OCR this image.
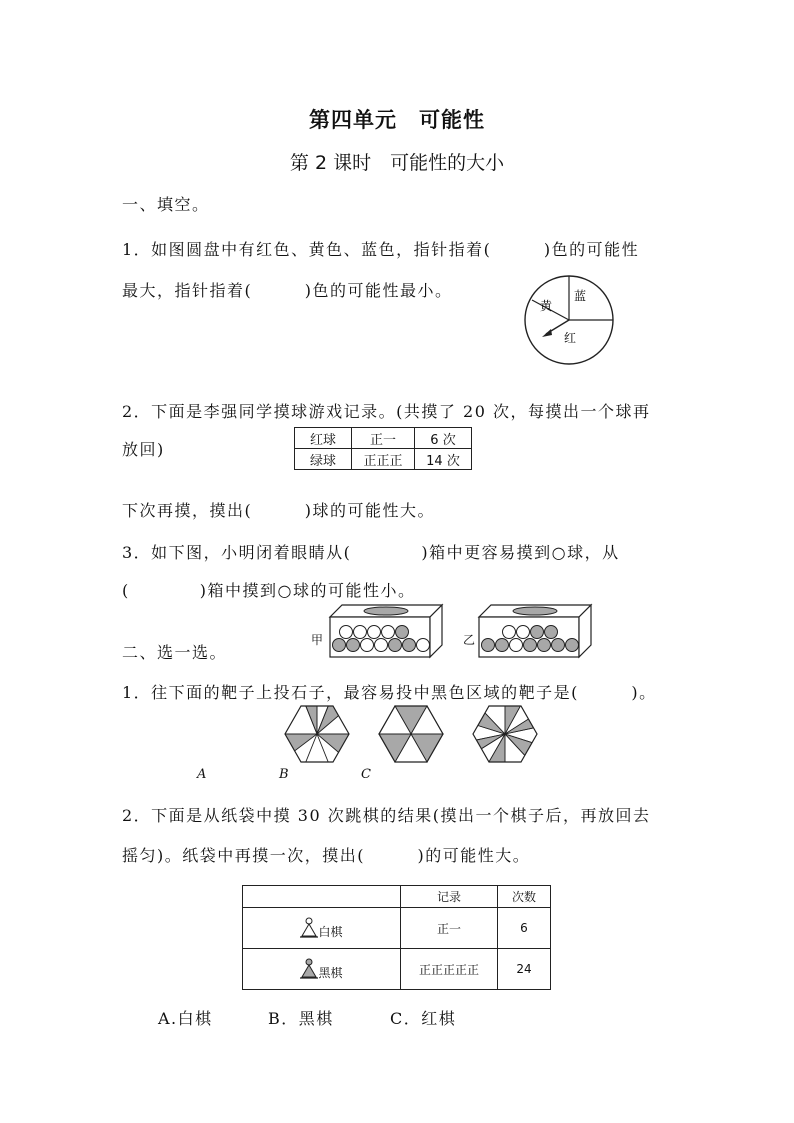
第四单元　可能性
第 2 课时　可能性的大小
一、填空。
1．如图圆盘中有红色、黄色、蓝色，指针指着(　　　)色的可能性
最大，指针指着(　　　)色的可能性最小。
黄
蓝
红
2．下面是李强同学摸球游戏记录。(共摸了 20 次，每摸出一个球再
放回)	红球	正一	6 次
绿球	正正正	14 次
下次再摸，摸出(　　　)球的可能性大。
3．如下图，小明闭着眼睛从(　　　　)箱中更容易摸到○球，从
(　　　　)箱中摸到○球的可能性小。
甲	乙
二、选一选。
1．往下面的靶子上投石子，最容易投中黑色区域的靶子是(　　　)。
A	B	C
2．下面是从纸袋中摸 30 次跳棋的结果(摸出一个棋子后，再放回去
摇匀)。纸袋中再摸一次，摸出(　　　)的可能性大。
	记录	次数
白棋	正一	6
黑棋	正正正正正	24
A.白棋	B．黑棋	C．红棋
